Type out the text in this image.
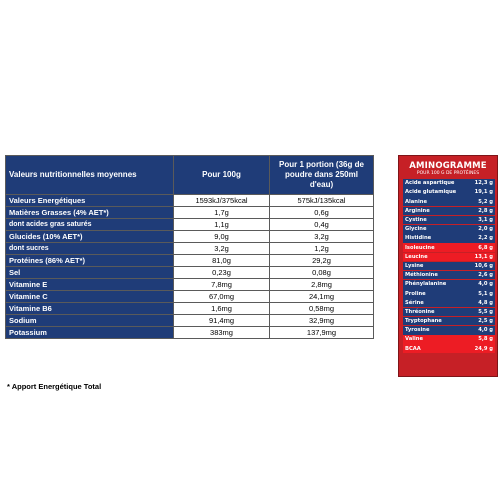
Valeurs nutritionnelles moyennes	Pour 100g	Pour 1 portion (36g de poudre dans 250ml d'eau)
Valeurs Energétiques	1593kJ/375kcal	575kJ/135kcal
Matières Grasses (4% AET*)	1,7g	0,6g
dont acides gras saturés	1,1g	0,4g
Glucides (10% AET*)	9,0g	3,2g
dont sucres	3,2g	1,2g
Protéines (86% AET*)	81,0g	29,2g
Sel	0,23g	0,08g
Vitamine E	7,8mg	2,8mg
Vitamine C	67,0mg	24,1mg
Vitamine B6	1,6mg	0,58mg
Sodium	91,4mg	32,9mg
Potassium	383mg	137,9mg
* Apport Energétique Total
AMINOGRAMME
POUR 100 G DE PROTÉINES
Acide aspartique	12,3 g
Acide glutamique	19,1 g
Alanine	5,2 g
Arginine	2,8 g
Cystine	3,1 g
Glycine	2,0 g
Histidine	2,2 g
Isoleucine	6,8 g
Leucine	13,1 g
Lysine	10,6 g
Méthionine	2,6 g
Phénylalanine	4,0 g
Proline	5,1 g
Sérine	4,8 g
Thréonine	5,5 g
Tryptophane	2,5 g
Tyrosine	4,0 g
Valine	5,8 g
BCAA	24,9 g
